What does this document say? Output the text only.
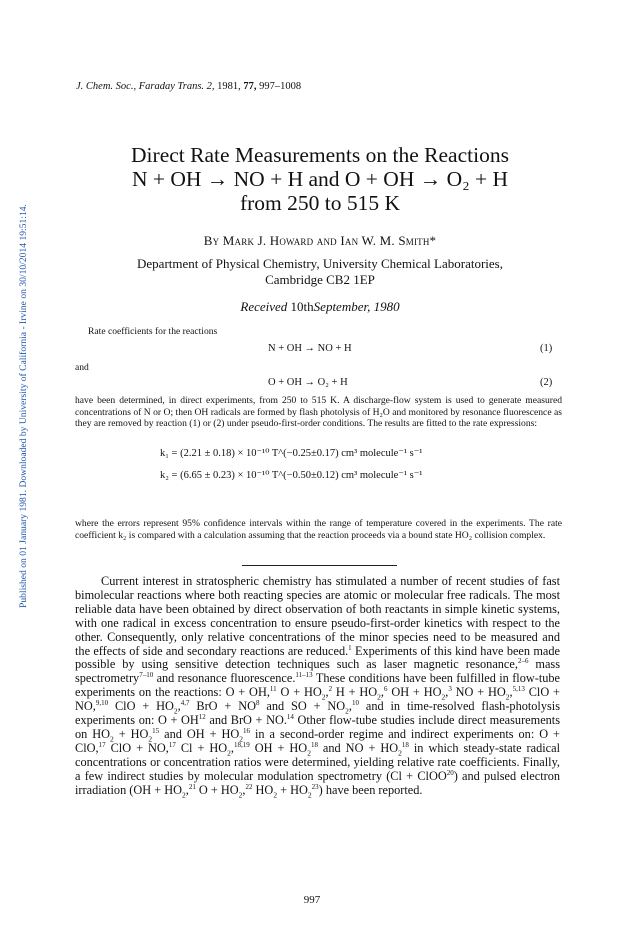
Published on 01 January 1981. Downloaded by University of California - Irvine on 30/10/2014 19:51:14.
J. Chem. Soc., Faraday Trans. 2, 1981, 77, 997–1008
Direct Rate Measurements on the Reactions
N + OH → NO + H and O + OH → O₂ + H
from 250 to 515 K
By Mark J. Howard and Ian W. M. Smith*
Department of Physical Chemistry, University Chemical Laboratories,
Cambridge CB2 1EP
Received 10thSeptember, 1980
Rate coefficients for the reactions
N + OH → NO + H	(1)
and
O + OH → O₂ + H	(2)
have been determined, in direct experiments, from 250 to 515 K. A discharge-flow system is used to generate measured concentrations of N or O; then OH radicals are formed by flash photolysis of H₂O and monitored by resonance fluorescence as they are removed by reaction (1) or (2) under pseudo-first-order conditions. The results are fitted to the rate expressions:
k₁ = (2.21 ± 0.18) × 10⁻¹⁰ T^(−0.25±0.17) cm³ molecule⁻¹ s⁻¹
k₂ = (6.65 ± 0.23) × 10⁻¹⁰ T^(−0.50±0.12) cm³ molecule⁻¹ s⁻¹
where the errors represent 95% confidence intervals within the range of temperature covered in the experiments. The rate coefficient k₂ is compared with a calculation assuming that the reaction proceeds via a bound state HO₂ collision complex.

Current interest in stratospheric chemistry has stimulated a number of recent studies of fast bimolecular reactions where both reacting species are atomic or molecular free radicals. The most reliable data have been obtained by direct observation of both reactants in simple kinetic systems, with one radical in excess concentration to ensure pseudo-first-order kinetics with respect to the other. Consequently, only relative concentrations of the minor species need to be measured and the effects of side and secondary reactions are reduced.$^1$ Experiments of this kind have been made possible by using sensitive detection techniques such as laser magnetic resonance,$^{2-6}$ mass spectrometry$^{7-10}$ and resonance fluorescence.$^{11-13}$ These conditions have been fulfilled in flow-tube experiments on the reactions: O + OH,$^{11}$ $O + HO_2,^2$ $H + HO_2,^6$ OH + $HO_2,^3$ NO + $HO_2,^{5,13}$ ClO + NO,$^{9,10}$ ClO + $HO_2,^{4,7}$ BrO + $NO^8$ and SO + $NO_2,^{10}$ and in time-resolved flash-photolysis experiments on: $O + OH^{12}$ and BrO + NO.$^{14}$ Other flow-tube studies include direct measurements on $HO_2 + HO_2^{15}$ and OH + $HO_2^{16}$ in a second-order regime and indirect experiments on: O + ClO,$^{17}$ ClO + NO,$^{17}$ $Cl + HO_2,^{18,19}$ OH + $HO_2^{18}$ and NO + $HO_2^{18}$ in which steady-state radical concentrations or concentration ratios were determined, yielding relative rate coefficients. Finally, a few indirect studies by molecular modulation spectrometry (Cl + ClOO$^{20}$) and pulsed electron irradiation ($OH + HO_2,^{21}$ $O + HO_2,^{22}$ $HO_2 + HO_2^{23}$) have been reported.

997
